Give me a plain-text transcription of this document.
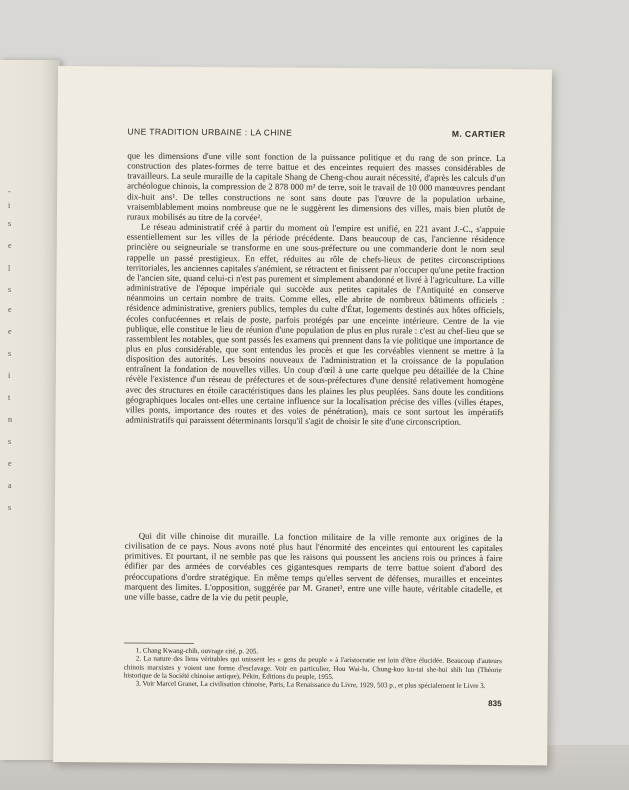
-
i
s
e
l
s
e
e
s
i
t
n
s
e
a
s
UNE TRADITION URBAINE : LA CHINE	M. CARTIER

que les dimensions d'une ville sont fonction de la puissance politique et du rang de son prince. La construction des plates-formes de terre battue et des enceintes requiert des masses considérables de travailleurs. La seule muraille de la capitale Shang de Cheng-chou aurait nécessité, d'après les calculs d'un archéologue chinois, la compression de 2 878 000 m³ de terre, soit le travail de 10 000 manœuvres pendant dix-huit ans¹. De telles constructions ne sont sans doute pas l'œuvre de la population urbaine, vraisemblablement moins nombreuse que ne le suggèrent les dimensions des villes, mais bien plutôt de ruraux mobilisés au titre de la corvée².

Le réseau administratif créé à partir du moment où l'empire est unifié, en 221 avant J.-C., s'appuie essentiellement sur les villes de la période précédente. Dans beaucoup de cas, l'ancienne résidence princière ou seigneuriale se transforme en une sous-préfecture ou une commanderie dont le nom seul rappelle un passé prestigieux. En effet, réduites au rôle de chefs-lieux de petites circonscriptions territoriales, les anciennes capitales s'anémient, se rétractent et finissent par n'occuper qu'une petite fraction de l'ancien site, quand celui-ci n'est pas purement et simplement abandonné et livré à l'agriculture. La ville administrative de l'époque impériale qui succède aux petites capitales de l'Antiquité en conserve néanmoins un certain nombre de traits. Comme elles, elle abrite de nombreux bâtiments officiels : résidence administrative, greniers publics, temples du culte d'État, logements destinés aux hôtes officiels, écoles confucéennes et relais de poste, parfois protégés par une enceinte intérieure. Centre de la vie publique, elle constitue le lieu de réunion d'une population de plus en plus rurale : c'est au chef-lieu que se rassemblent les notables, que sont passés les examens qui prennent dans la vie politique une importance de plus en plus considérable, que sont entendus les procès et que les corvéables viennent se mettre à la disposition des autorités. Les besoins nouveaux de l'administration et la croissance de la population entraînent la fondation de nouvelles villes. Un coup d'œil à une carte quelque peu détaillée de la Chine révèle l'existence d'un réseau de préfectures et de sous-préfectures d'une densité relativement homogène avec des structures en étoile caractéristiques dans les plaines les plus peuplées. Sans doute les conditions géographiques locales ont-elles une certaine influence sur la localisation précise des villes (villes étapes, villes ponts, importance des routes et des voies de pénétration), mais ce sont surtout les impératifs administratifs qui paraissent déterminants lorsqu'il s'agit de choisir le site d'une circonscription.

Qui dit ville chinoise dit muraille. La fonction militaire de la ville remonte aux origines de la civilisation de ce pays. Nous avons noté plus haut l'énormité des enceintes qui entourent les capitales primitives. Et pourtant, il ne semble pas que les raisons qui poussent les anciens rois ou princes à faire édifier par des armées de corvéables ces gigantesques remparts de terre battue soient d'abord des préoccupations d'ordre stratégique. En même temps qu'elles servent de défenses, murailles et enceintes marquent des limites. L'opposition, suggérée par M. Granet³, entre une ville haute, véritable citadelle, et une ville basse, cadre de la vie du petit peuple,

1. Chang Kwang-chih, ouvrage cité, p. 205.

2. La nature des liens véritables qui unissent les « gens du peuple » à l'aristocratie est loin d'être élucidée. Beaucoup d'auteurs chinois marxistes y voient une forme d'esclavage. Voir en particulier, Hou Wai-lu, Chung-kuo ku-tai she-hui shih lun (Théorie historique de la Société chinoise antique), Pékin, Éditions du peuple, 1955.

3. Voir Marcel Granet, La civilisation chinoise, Paris, La Renaissance du Livre, 1929, 503 p., et plus spécialement le Livre 3.

835
